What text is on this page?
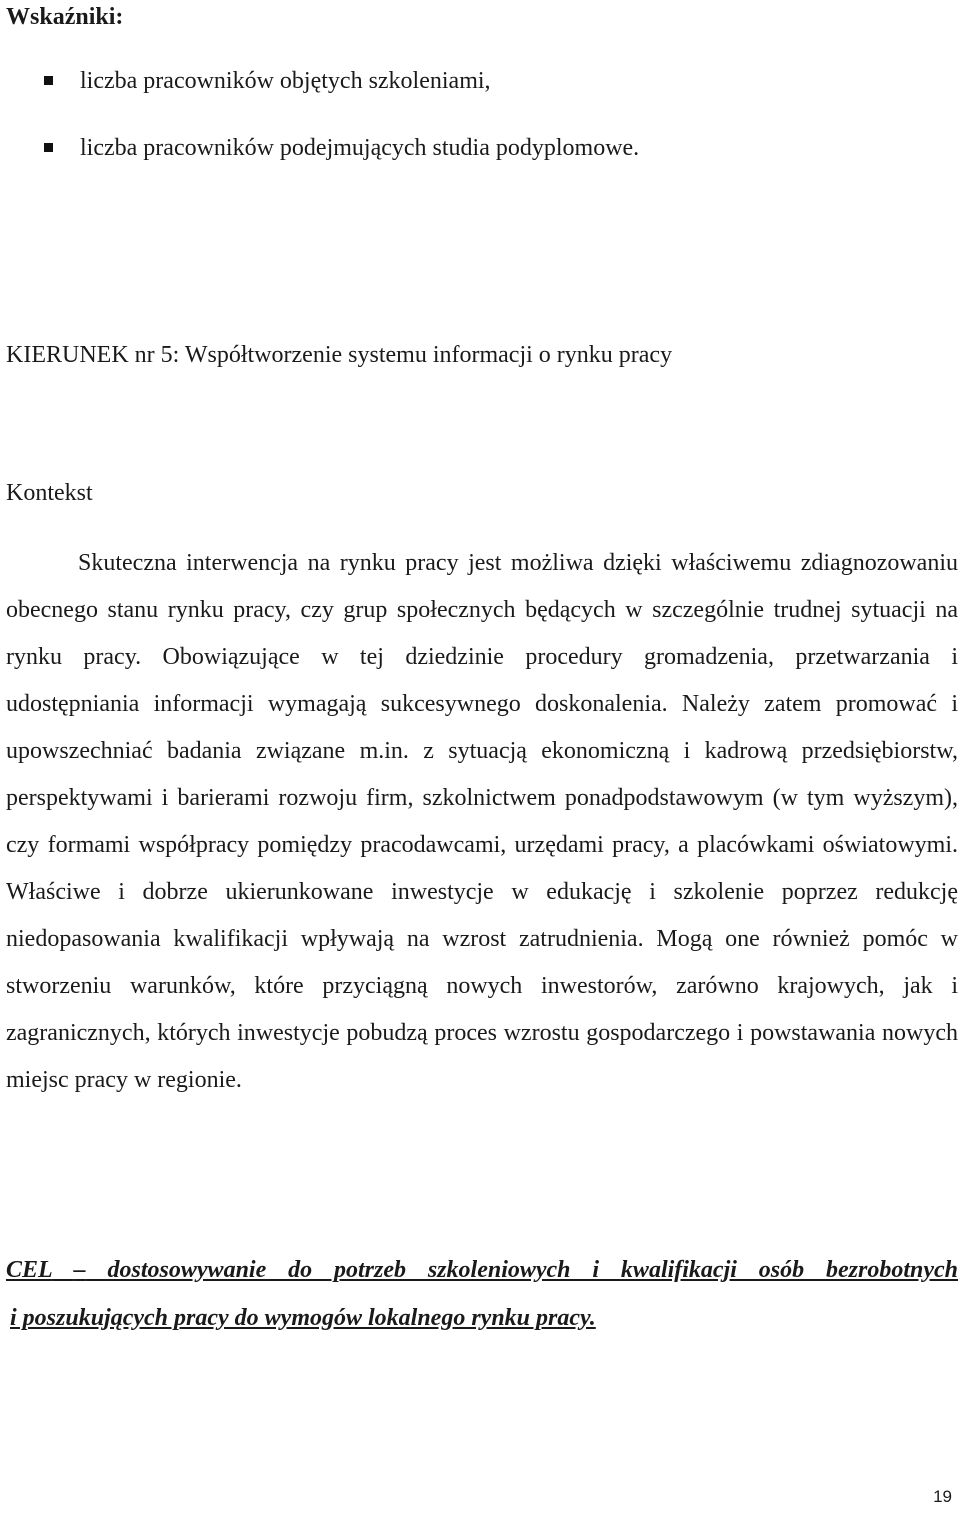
Wskaźniki:
liczba pracowników objętych szkoleniami,
liczba pracowników podejmujących studia podyplomowe.
KIERUNEK nr 5: Współtworzenie systemu informacji o rynku pracy
Kontekst

Skuteczna interwencja na rynku pracy jest możliwa dzięki właściwemu zdiagnozowaniu obecnego stanu rynku pracy, czy grup społecznych będących w szczególnie trudnej sytuacji na rynku pracy. Obowiązujące w tej dziedzinie procedury gromadzenia, przetwarzania i udostępniania informacji wymagają sukcesywnego doskonalenia. Należy zatem promować i upowszechniać badania związane m.in. z sytuacją ekonomiczną i kadrową przedsiębiorstw, perspektywami i barierami rozwoju firm, szkolnictwem ponadpodstawowym (w tym wyższym), czy formami współpracy pomiędzy pracodawcami, urzędami pracy, a placówkami oświatowymi. Właściwe i dobrze ukierunkowane inwestycje w edukację i szkolenie poprzez redukcję niedopasowania kwalifikacji wpływają na wzrost zatrudnienia. Mogą one również pomóc w stworzeniu warunków, które przyciągną nowych inwestorów, zarówno krajowych, jak i zagranicznych, których inwestycje pobudzą proces wzrostu gospodarczego i powstawania nowych miejsc pracy w regionie.

CEL – dostosowywanie do potrzeb szkoleniowych i kwalifikacji osób bezrobotnych
i poszukujących pracy do wymogów lokalnego rynku pracy.
19
